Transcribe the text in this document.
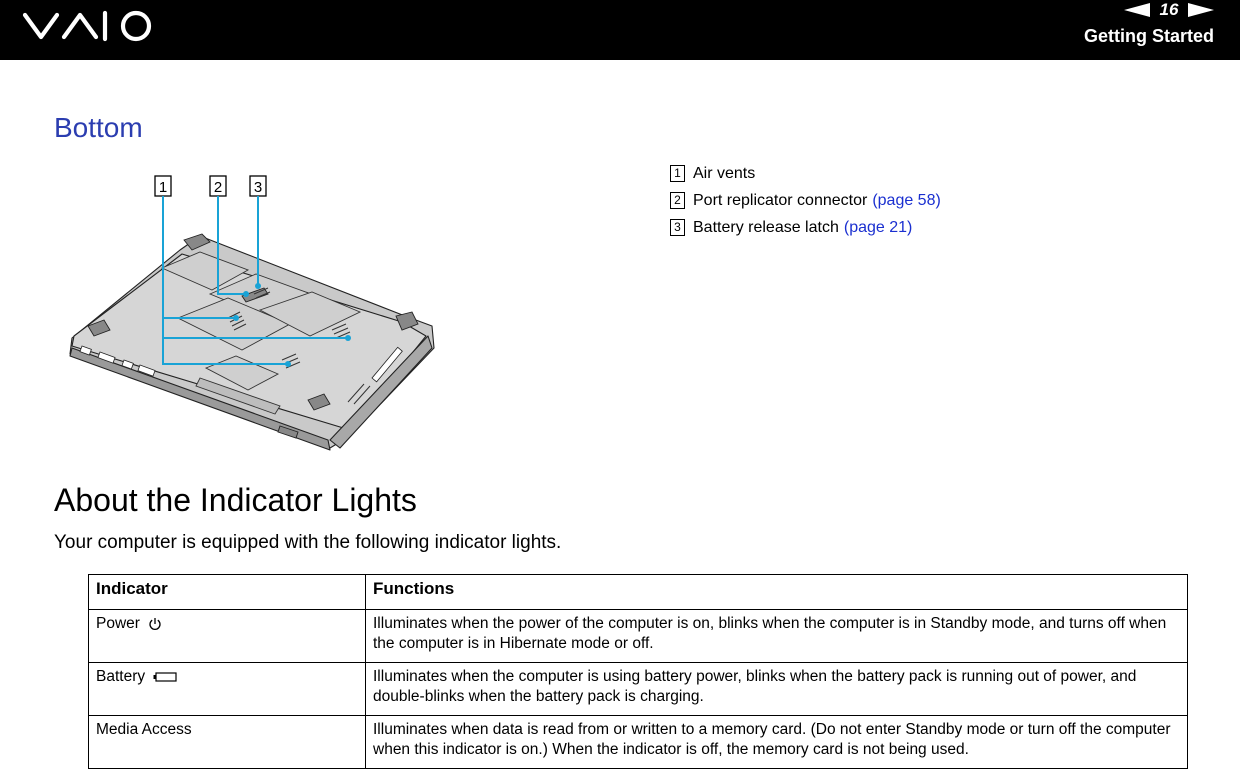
16
Getting Started
Bottom
1	2 3
1 Air vents
2 Port replicator connector (page 58)
3 Battery release latch (page 21)
About the Indicator Lights

Your computer is equipped with the following indicator lights.

Indicator	Functions
Power	Illuminates when the power of the computer is on, blinks when the computer is in Standby mode, and turns off when the computer is in Hibernate mode or off.
Battery	Illuminates when the computer is using battery power, blinks when the battery pack is running out of power, and double-blinks when the battery pack is charging.
Media Access	Illuminates when data is read from or written to a memory card. (Do not enter Standby mode or turn off the computer when this indicator is on.) When the indicator is off, the memory card is not being used.
